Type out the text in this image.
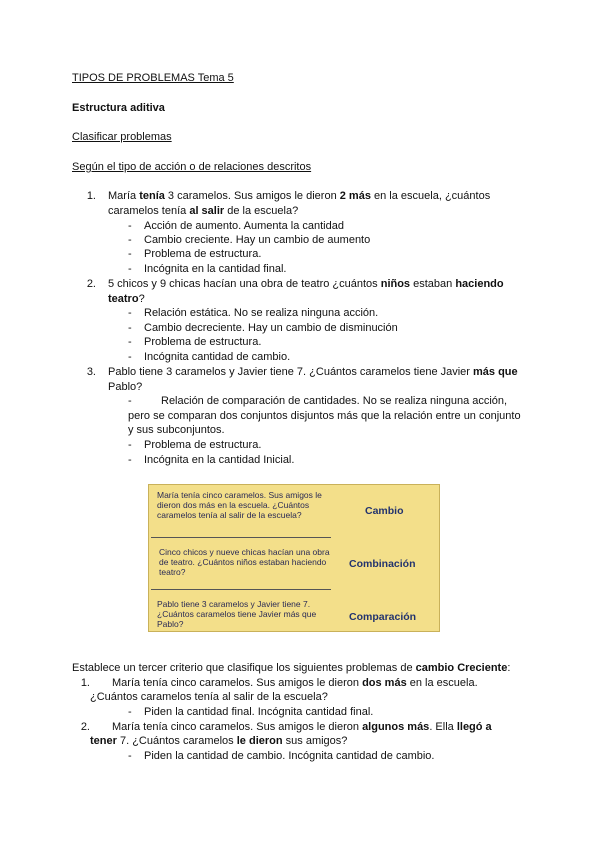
TIPOS DE PROBLEMAS Tema 5
Estructura aditiva
Clasificar problemas
Según el tipo de acción o de relaciones descritos
1. María tenía 3 caramelos. Sus amigos le dieron 2 más en la escuela, ¿cuántos
caramelos tenía al salir de la escuela?
- Acción de aumento. Aumenta la cantidad
- Cambio creciente. Hay un cambio de aumento
- Problema de estructura.
- Incógnita en la cantidad final.
2. 5 chicos y 9 chicas hacían una obra de teatro ¿cuántos niños estaban haciendo
teatro?
- Relación estática. No se realiza ninguna acción.
- Cambio decreciente. Hay un cambio de disminución
- Problema de estructura.
- Incógnita cantidad de cambio.
3. Pablo tiene 3 caramelos y Javier tiene 7. ¿Cuántos caramelos tiene Javier más que
Pablo?
-	Relación de comparación de cantidades. No se realiza ninguna acción,
pero se comparan dos conjuntos disjuntos más que la relación entre un conjunto
y sus subconjuntos.
- Problema de estructura.
- Incógnita en la cantidad Inicial.
María tenía cinco caramelos. Sus amigos le dieron dos más en la escuela. ¿Cuántos caramelos tenía al salir de la escuela?
Cinco chicos y nueve chicas hacían una obra de teatro. ¿Cuántos niños estaban haciendo teatro?
Pablo tiene 3 caramelos y Javier tiene 7. ¿Cuántos caramelos tiene Javier más que Pablo?
Cambio
Combinación
Comparación
Establece un tercer criterio que clasifique los siguientes problemas de cambio Creciente:
1. María tenía cinco caramelos. Sus amigos le dieron dos más en la escuela.
¿Cuántos caramelos tenía al salir de la escuela?
- Piden la cantidad final. Incógnita cantidad final.
2. María tenía cinco caramelos. Sus amigos le dieron algunos más. Ella llegó a
tener 7. ¿Cuántos caramelos le dieron sus amigos?
- Piden la cantidad de cambio. Incógnita cantidad de cambio.
